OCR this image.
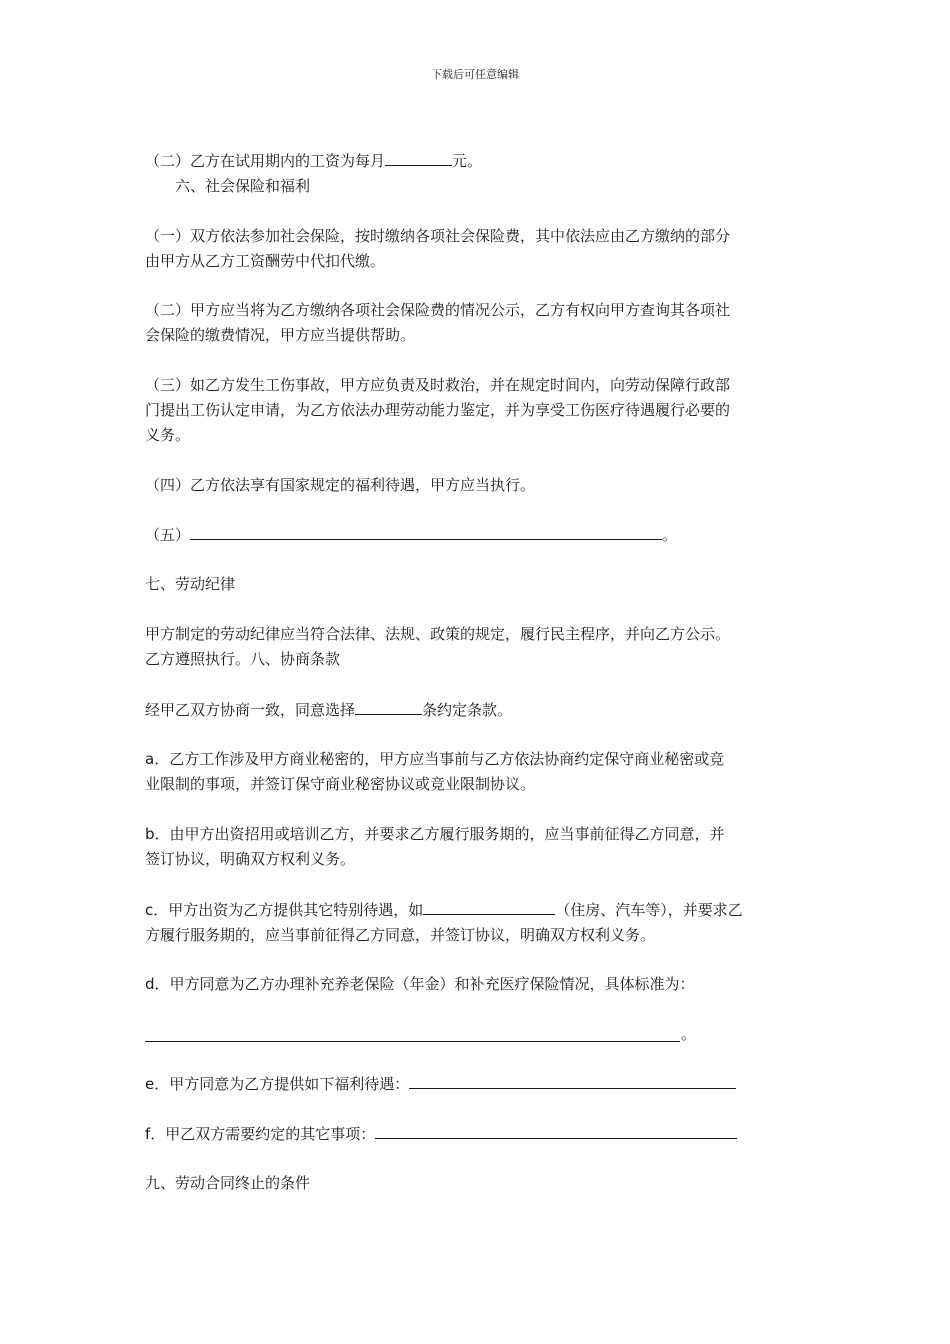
下载后可任意编辑
（二）乙方在试用期内的工资为每月	元。
六、社会保险和福利
（一）双方依法参加社会保险，按时缴纳各项社会保险费，其中依法应由乙方缴纳的部分
由甲方从乙方工资酬劳中代扣代缴。
（二）甲方应当将为乙方缴纳各项社会保险费的情况公示，乙方有权向甲方查询其各项社
会保险的缴费情况，甲方应当提供帮助。
（三）如乙方发生工伤事故，甲方应负责及时救治，并在规定时间内，向劳动保障行政部
门提出工伤认定申请，为乙方依法办理劳动能力鉴定，并为享受工伤医疗待遇履行必要的
义务。
（四）乙方依法享有国家规定的福利待遇，甲方应当执行。
（五）	。
七、劳动纪律
甲方制定的劳动纪律应当符合法律、法规、政策的规定，履行民主程序，并向乙方公示。
乙方遵照执行。八、协商条款
经甲乙双方协商一致，同意选择	条约定条款。
a．乙方工作涉及甲方商业秘密的，甲方应当事前与乙方依法协商约定保守商业秘密或竞
业限制的事项，并签订保守商业秘密协议或竞业限制协议。
b．由甲方出资招用或培训乙方，并要求乙方履行服务期的，应当事前征得乙方同意，并
签订协议，明确双方权利义务。
c．甲方出资为乙方提供其它特别待遇，如	（住房、汽车等），并要求乙
方履行服务期的，应当事前征得乙方同意，并签订协议，明确双方权利义务。
d．甲方同意为乙方办理补充养老保险（年金）和补充医疗保险情况，具体标准为：
。
e．甲方同意为乙方提供如下福利待遇：
f．甲乙双方需要约定的其它事项：
九、劳动合同终止的条件
